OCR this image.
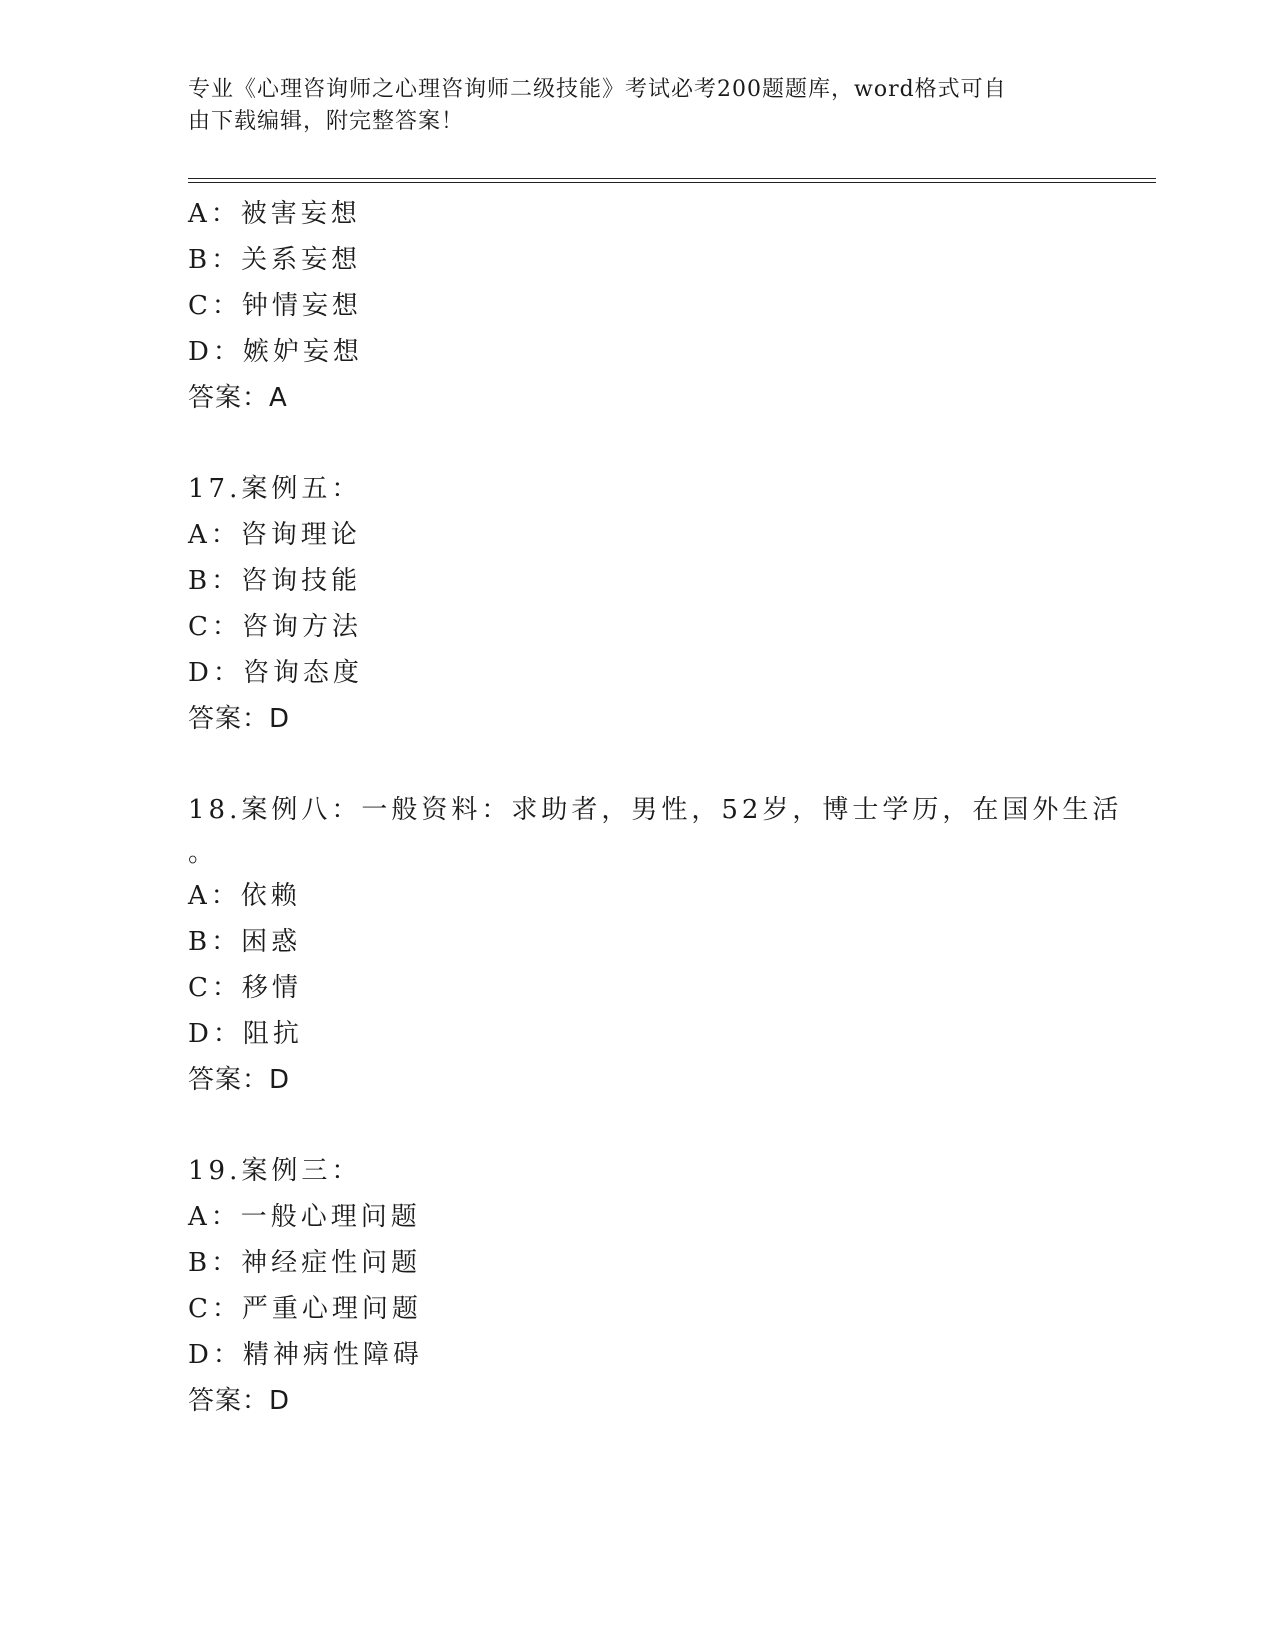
专业《心理咨询师之心理咨询师二级技能》考试必考200题题库，word格式可自

由下载编辑，附完整答案！

A：被害妄想
B：关系妄想
C：钟情妄想
D：嫉妒妄想
答案：A
17.案例五：
A：咨询理论
B：咨询技能
C：咨询方法
D：咨询态度
答案：D
18.案例八：一般资料：求助者，男性，52岁，博士学历，在国外生活
。
A：依赖
B：困惑
C：移情
D：阻抗
答案：D
19.案例三：
A：一般心理问题
B：神经症性问题
C：严重心理问题
D：精神病性障碍
答案：D
